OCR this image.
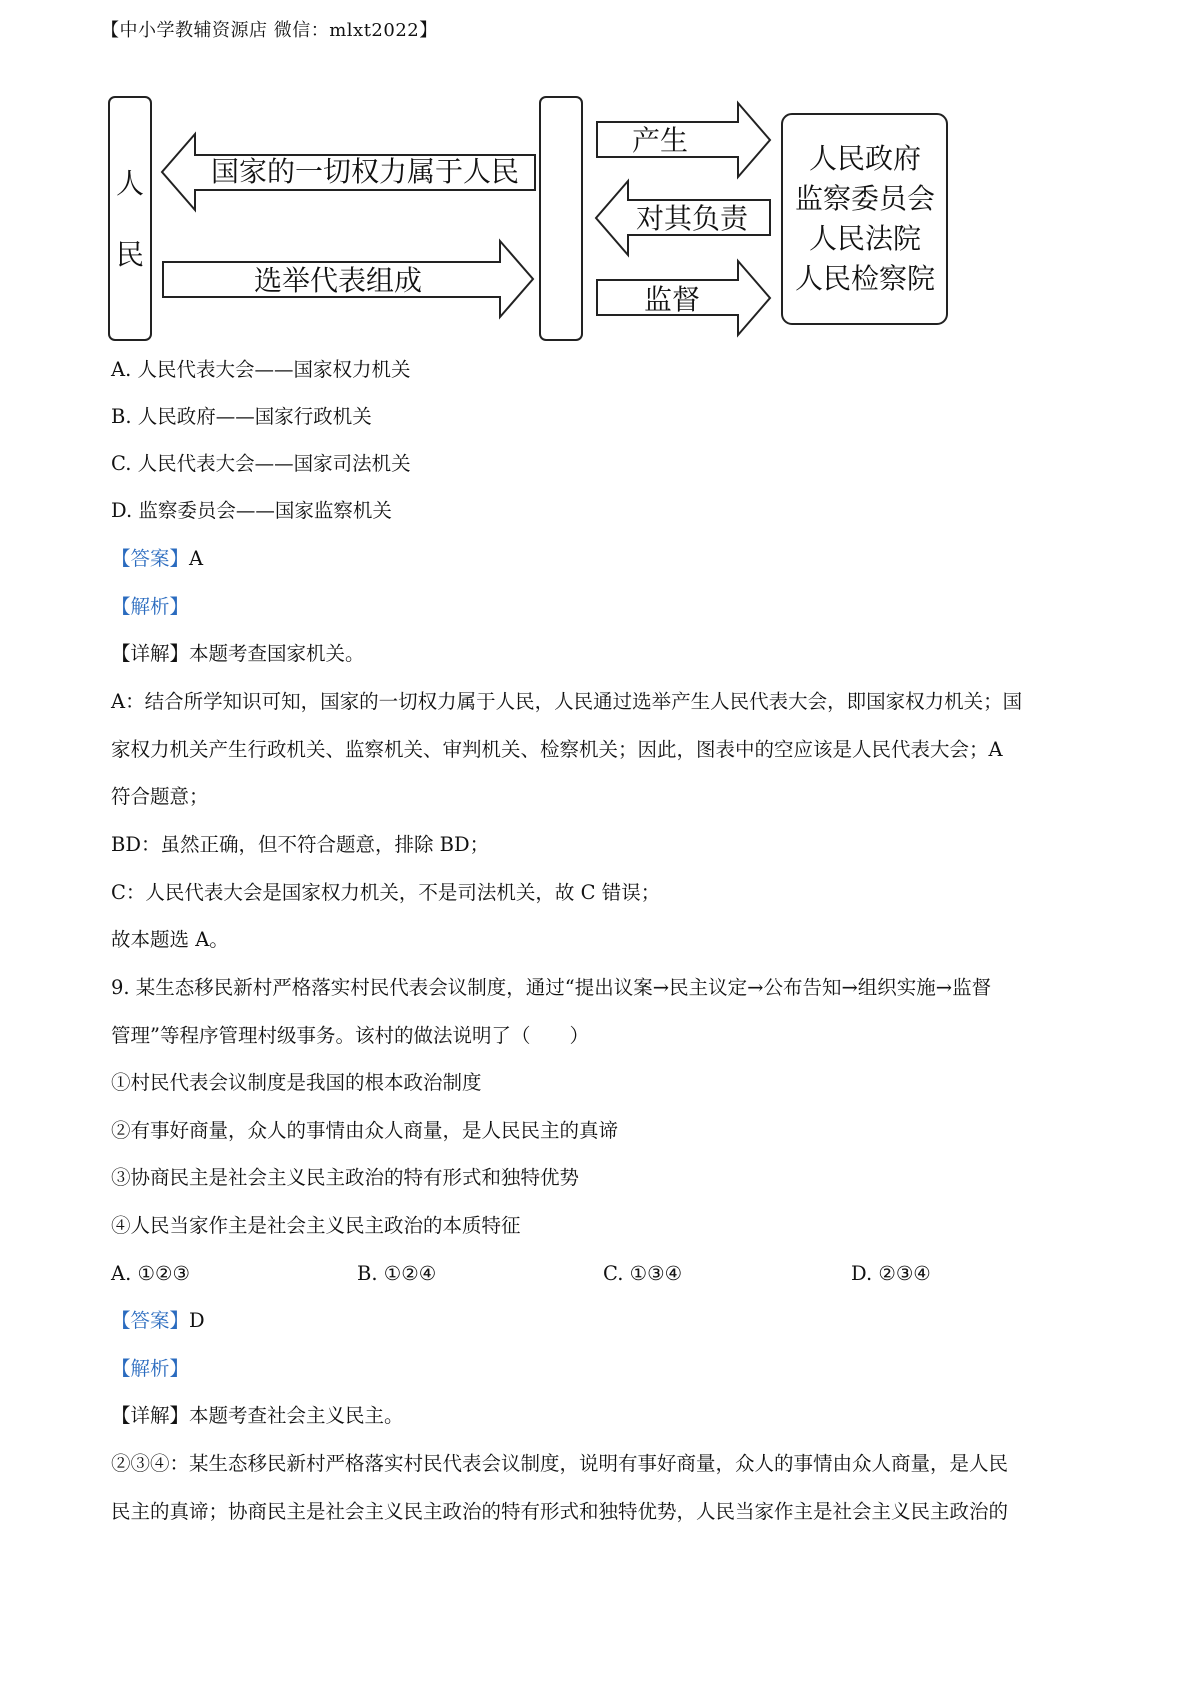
【中小学教辅资源店 微信：mlxt2022】
人
民
国家的一切权力属于人民
选举代表组成
产生
对其负责
监督
人民政府
监察委员会
人民法院
人民检察院
A. 人民代表大会——国家权力机关
B. 人民政府——国家行政机关
C. 人民代表大会——国家司法机关
D. 监察委员会——国家监察机关
【答案】A
【解析】
【详解】本题考查国家机关。
A：结合所学知识可知，国家的一切权力属于人民，人民通过选举产生人民代表大会，即国家权力机关；国
家权力机关产生行政机关、监察机关、审判机关、检察机关；因此，图表中的空应该是人民代表大会；A
符合题意；
BD：虽然正确，但不符合题意，排除 BD；
C：人民代表大会是国家权力机关，不是司法机关，故 C 错误；
故本题选 A。
9. 某生态移民新村严格落实村民代表会议制度，通过“提出议案→民主议定→公布告知→组织实施→监督
管理”等程序管理村级事务。该村的做法说明了（　　）
①村民代表会议制度是我国的根本政治制度
②有事好商量，众人的事情由众人商量，是人民民主的真谛
③协商民主是社会主义民主政治的特有形式和独特优势
④人民当家作主是社会主义民主政治的本质特征
A. ①②③	B. ①②④	C. ①③④	D. ②③④
【答案】D
【解析】
【详解】本题考查社会主义民主。
②③④：某生态移民新村严格落实村民代表会议制度，说明有事好商量，众人的事情由众人商量，是人民
民主的真谛；协商民主是社会主义民主政治的特有形式和独特优势，人民当家作主是社会主义民主政治的
